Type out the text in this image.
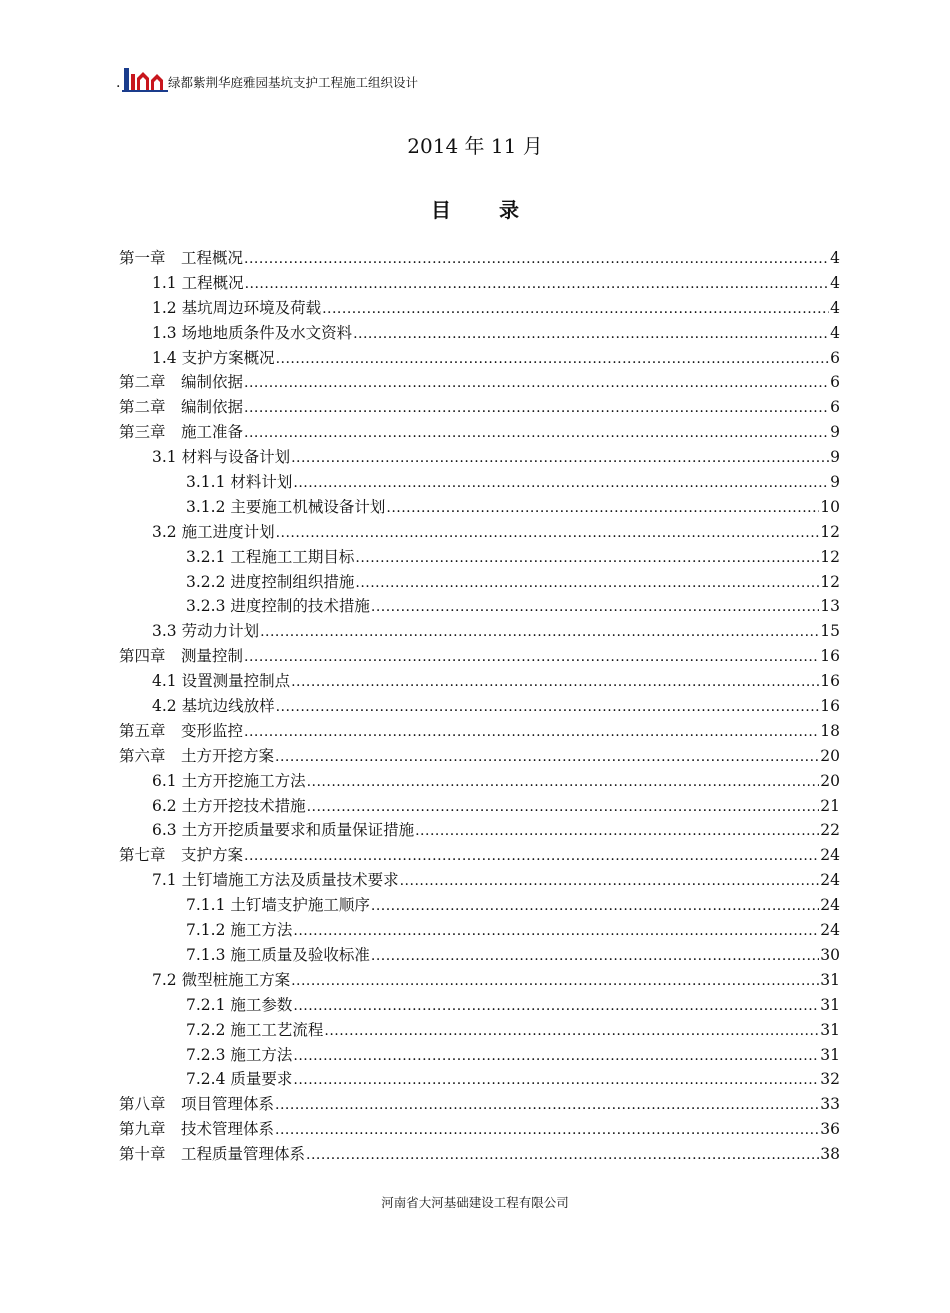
.	绿都紫荆华庭雅园基坑支护工程施工组织设计
2014 年 11 月
目录
第一章　工程概况 .....	4
1.1 工程概况 .....	4
1.2 基坑周边环境及荷载 .....	4
1.3 场地地质条件及水文资料 .....	4
1.4 支护方案概况 .....	6
第二章　编制依据 .....	6
第二章　编制依据 .....	6
第三章　施工准备 .....	9
3.1 材料与设备计划 .....	9
3.1.1 材料计划 .....	9
3.1.2 主要施工机械设备计划 .....	10
3.2 施工进度计划 .....	12
3.2.1 工程施工工期目标 .....	12
3.2.2 进度控制组织措施 .....	12
3.2.3 进度控制的技术措施 .....	13
3.3 劳动力计划 .....	15
第四章　测量控制 .....	16
4.1 设置测量控制点 .....	16
4.2 基坑边线放样 .....	16
第五章　变形监控 .....	18
第六章　土方开挖方案 .....	20
6.1 土方开挖施工方法 .....	20
6.2 土方开挖技术措施 .....	21
6.3 土方开挖质量要求和质量保证措施 .....	22
第七章　支护方案 .....	24
7.1 土钉墙施工方法及质量技术要求 .....	24
7.1.1 土钉墙支护施工顺序 .....	24
7.1.2 施工方法 .....	24
7.1.3 施工质量及验收标准 .....	30
7.2 微型桩施工方案 .....	31
7.2.1 施工参数 .....	31
7.2.2 施工工艺流程 .....	31
7.2.3 施工方法 .....	31
7.2.4 质量要求 .....	32
第八章　项目管理体系 .....	33
第九章　技术管理体系 .....	36
第十章　工程质量管理体系 .....	38
河南省大河基础建设工程有限公司
